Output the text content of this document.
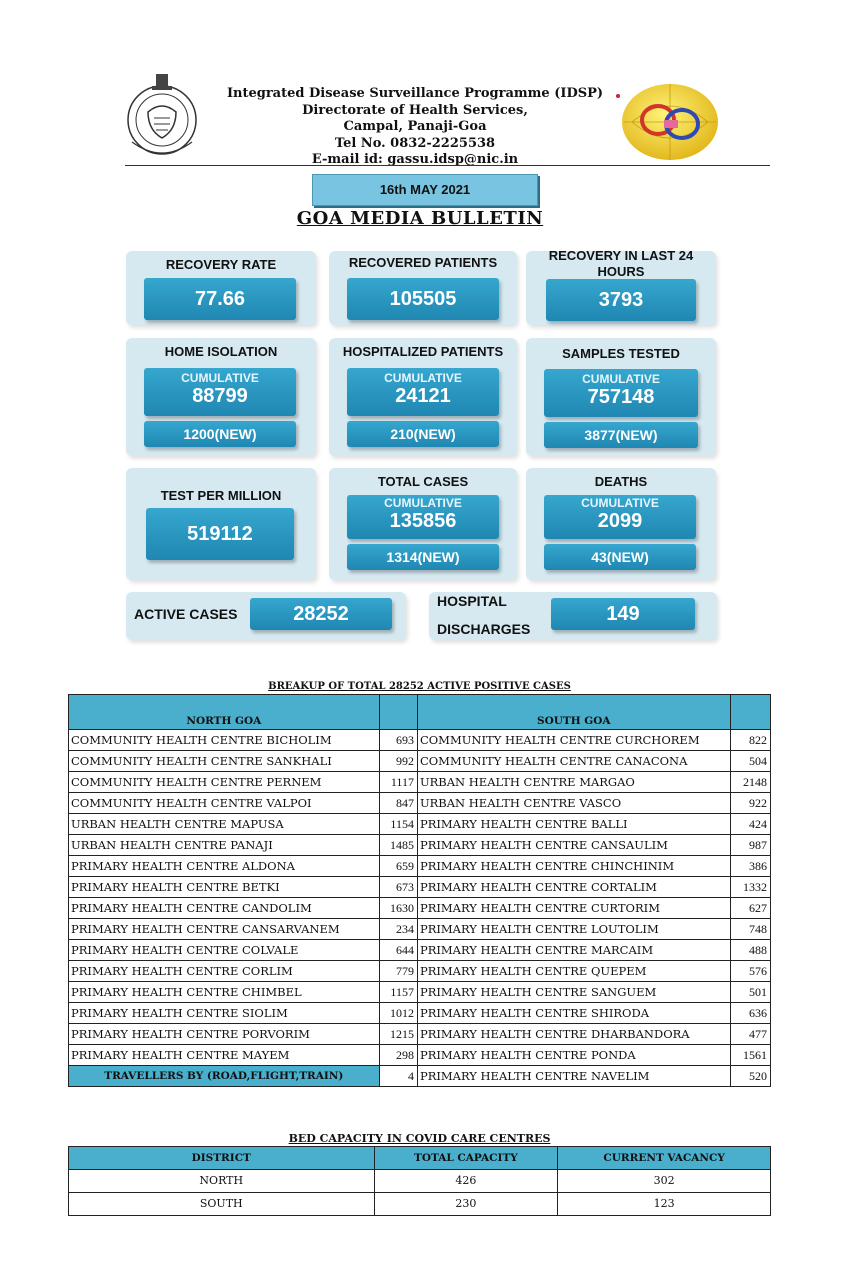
Integrated Disease Surveillance Programme (IDSP)
Directorate of Health Services,
Campal, Panaji-Goa
Tel No. 0832-2225538
E-mail id: gassu.idsp@nic.in
16th MAY 2021
GOA MEDIA BULLETIN
RECOVERY RATE
77.66
RECOVERED PATIENTS
105505
RECOVERY IN LAST 24 HOURS
3793
HOME ISOLATION
CUMULATIVE
88799
1200(NEW)
HOSPITALIZED PATIENTS
CUMULATIVE
24121
210(NEW)
SAMPLES TESTED
CUMULATIVE
757148
3877(NEW)
TEST PER MILLION
519112
TOTAL CASES
CUMULATIVE
135856
1314(NEW)
DEATHS
CUMULATIVE
2099
43(NEW)
ACTIVE CASES	28252
HOSPITAL
DISCHARGES
149
BREAKUP OF TOTAL 28252 ACTIVE POSITIVE CASES
NORTH GOA		SOUTH GOA	
COMMUNITY HEALTH CENTRE BICHOLIM	693	COMMUNITY HEALTH CENTRE CURCHOREM	822
COMMUNITY HEALTH CENTRE SANKHALI	992	COMMUNITY HEALTH CENTRE CANACONA	504
COMMUNITY HEALTH CENTRE PERNEM	1117	URBAN HEALTH CENTRE MARGAO	2148
COMMUNITY HEALTH CENTRE VALPOI	847	URBAN HEALTH CENTRE VASCO	922
URBAN HEALTH CENTRE MAPUSA	1154	PRIMARY HEALTH CENTRE BALLI	424
URBAN HEALTH CENTRE PANAJI	1485	PRIMARY HEALTH CENTRE CANSAULIM	987
PRIMARY HEALTH CENTRE ALDONA	659	PRIMARY HEALTH CENTRE CHINCHINIM	386
PRIMARY HEALTH CENTRE BETKI	673	PRIMARY HEALTH CENTRE CORTALIM	1332
PRIMARY HEALTH CENTRE CANDOLIM	1630	PRIMARY HEALTH CENTRE CURTORIM	627
PRIMARY HEALTH CENTRE CANSARVANEM	234	PRIMARY HEALTH CENTRE LOUTOLIM	748
PRIMARY HEALTH CENTRE COLVALE	644	PRIMARY HEALTH CENTRE MARCAIM	488
PRIMARY HEALTH CENTRE CORLIM	779	PRIMARY HEALTH CENTRE QUEPEM	576
PRIMARY HEALTH CENTRE CHIMBEL	1157	PRIMARY HEALTH CENTRE SANGUEM	501
PRIMARY HEALTH CENTRE SIOLIM	1012	PRIMARY HEALTH CENTRE SHIRODA	636
PRIMARY HEALTH CENTRE PORVORIM	1215	PRIMARY HEALTH CENTRE DHARBANDORA	477
PRIMARY HEALTH CENTRE MAYEM	298	PRIMARY HEALTH CENTRE PONDA	1561
TRAVELLERS BY (ROAD,FLIGHT,TRAIN)	4	PRIMARY HEALTH CENTRE NAVELIM	520
BED CAPACITY IN COVID CARE CENTRES
DISTRICT	TOTAL CAPACITY	CURRENT VACANCY
NORTH	426	302
SOUTH	230	123
